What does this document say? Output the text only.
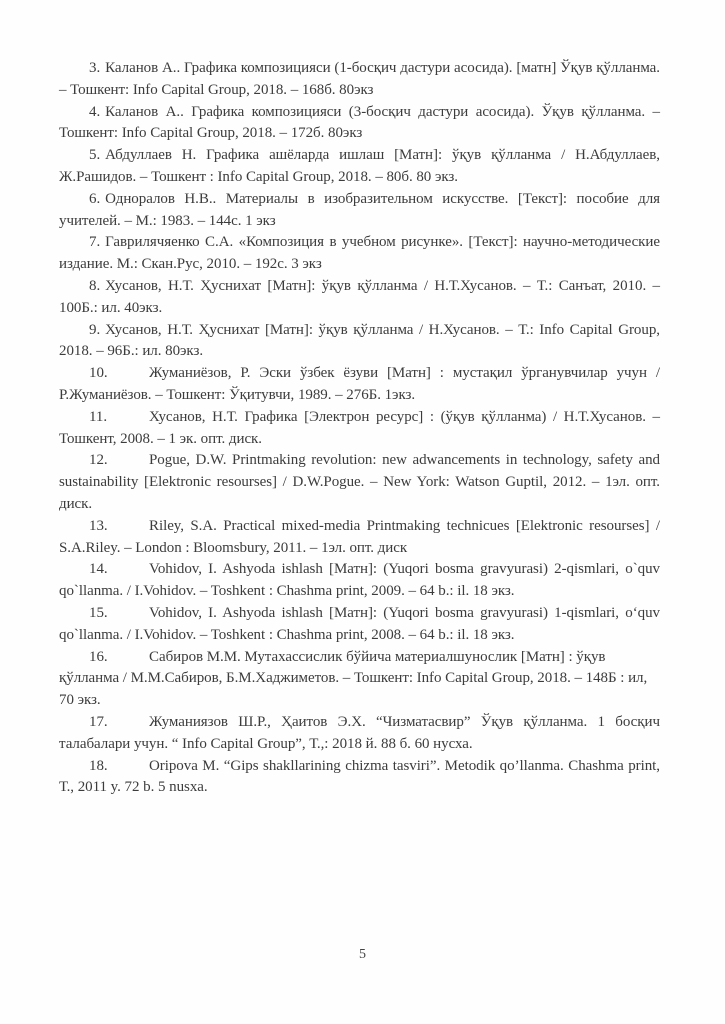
3. Каланов А.. Графика композицияси (1-босқич дастури асосида). [матн] Ўқув қўлланма. – Тошкент: Info Capital Group, 2018. – 168б. 80экз

4. Каланов А.. Графика композицияси (3-босқич дастури асосида). Ўқув қўлланма. – Тошкент: Info Capital Group, 2018. – 172б. 80экз

5. Абдуллаев Н. Графика ашёларда ишлаш [Матн]: ўқув қўлланма / Н.Абдуллаев, Ж.Рашидов. – Тошкент : Info Capital Group, 2018. – 80б. 80 экз.

6. Одноралов Н.В.. Материалы в изобразительном искусстве. [Текст]: пособие для учителей. – М.: 1983. – 144с. 1 экз

7. Гаврилячяенко С.А. «Композиция в учебном рисунке». [Текст]: научно-методические издание. М.: Скан.Рус, 2010. – 192с. 3 экз

8. Хусанов, Н.Т. Ҳуснихат [Матн]: ўқув қўлланма / Н.Т.Хусанов. – Т.: Санъат, 2010. – 100Б.: ил. 40экз.

9. Хусанов, Н.Т. Ҳуснихат [Матн]: ўқув қўлланма / Н.Хусанов. – Т.: Info Capital Group, 2018. – 96Б.: ил. 80экз.

10.	Жуманиёзов, Р. Эски ўзбек ёзуви [Матн] : мустақил ўрганувчилар учун / Р.Жуманиёзов. – Тошкент: Ўқитувчи, 1989. – 276Б. 1экз.

11.	Хусанов, Н.Т. Графика [Электрон ресурс] : (ўқув қўлланма) / Н.Т.Хусанов. – Тошкент, 2008. – 1 эк. опт. диск.

12.	Pogue, D.W. Printmaking revolution: new adwancements in technology, safety and sustainability [Elektronic resourses] / D.W.Pogue. – New York: Watson Guptil, 2012. – 1эл. опт. диск.

13.	Riley, S.A. Practical mixed-media Printmaking technicues [Elektronic resourses] / S.A.Riley. – London : Bloomsbury, 2011. – 1эл. опт. диск

14.	Vohidov, I. Ashyoda ishlash [Матн]: (Yuqori bosma gravyurasi) 2-qismlari, o`quv qo`llanma. / I.Vohidov. – Toshkent : Chashma print, 2009. – 64 b.: il. 18 экз.

15.	Vohidov, I. Ashyoda ishlash [Матн]: (Yuqori bosma gravyurasi) 1-qismlari, o‘quv qo`llanma. / I.Vohidov. – Toshkent : Chashma print, 2008. – 64 b.: il. 18 экз.

16.	Сабиров М.М. Мутахассислик бўйича материалшунослик [Матн] : ўқув қўлланма / М.М.Сабиров, Б.М.Хаджиметов. – Тошкент: Info Capital Group, 2018. – 148Б : ил, 70 экз.

17.	Жуманиязов Ш.Р., Ҳаитов Э.Х. “Чизматасвир” Ўқув қўлланма. 1 босқич талабалари учун. “ Info Capital Group”, Т.,: 2018 й. 88 б. 60 нусха.

18.	Oripova M. “Gips shakllarining chizma tasviri”. Metodik qo’llanma. Chashma print, Т., 2011 y. 72 b. 5 nusxa.

5
